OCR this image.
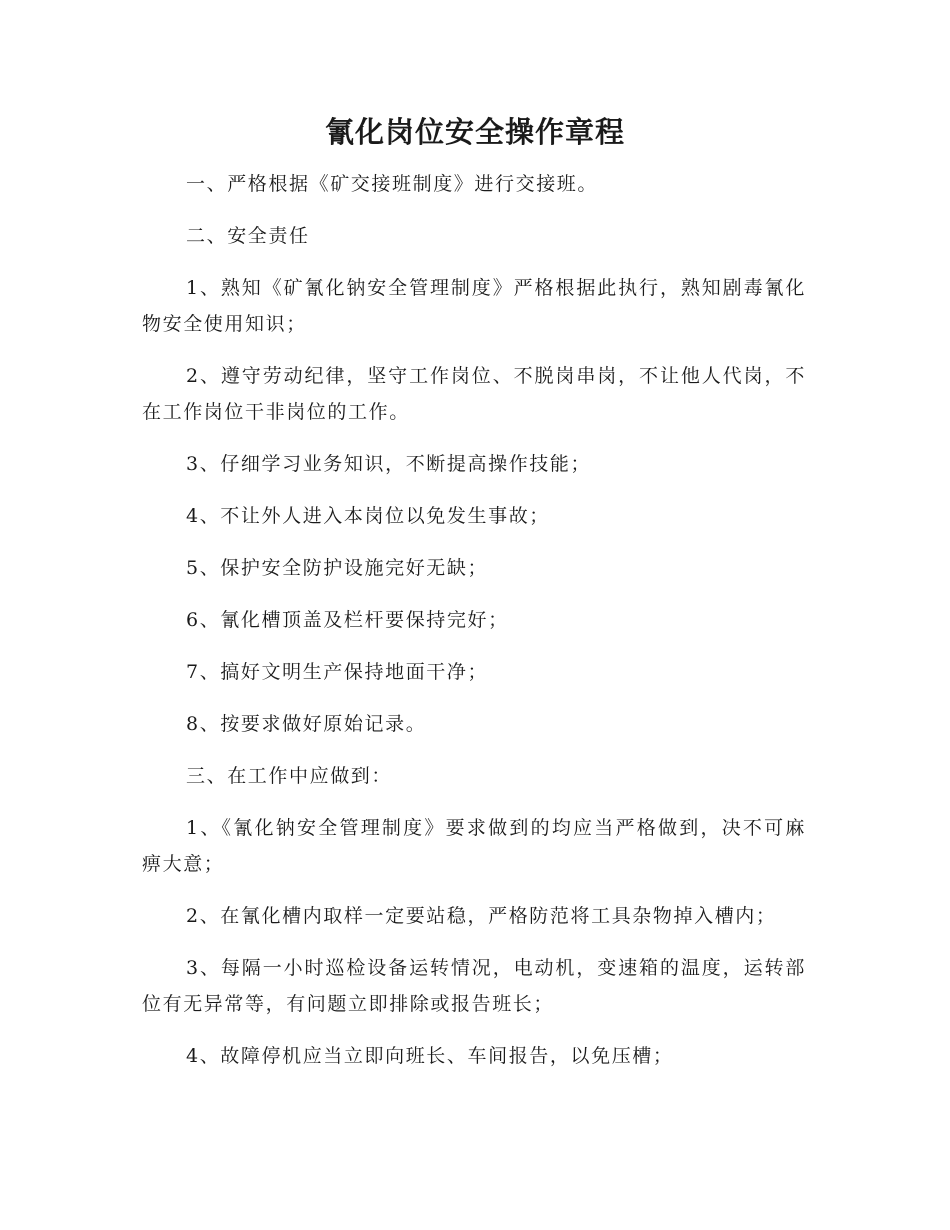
氰化岗位安全操作章程

一、严格根据《矿交接班制度》进行交接班。

二、安全责任

1、熟知《矿氰化钠安全管理制度》严格根据此执行，熟知剧毒氰化物安全使用知识；

2、遵守劳动纪律，坚守工作岗位、不脱岗串岗，不让他人代岗，不在工作岗位干非岗位的工作。

3、仔细学习业务知识，不断提高操作技能；

4、不让外人进入本岗位以免发生事故；

5、保护安全防护设施完好无缺；

6、氰化槽顶盖及栏杆要保持完好；

7、搞好文明生产保持地面干净；

8、按要求做好原始记录。

三、在工作中应做到：

1、《氰化钠安全管理制度》要求做到的均应当严格做到，决不可麻痹大意；

2、在氰化槽内取样一定要站稳，严格防范将工具杂物掉入槽内；

3、每隔一小时巡检设备运转情况，电动机，变速箱的温度，运转部位有无异常等，有问题立即排除或报告班长；

4、故障停机应当立即向班长、车间报告，以免压槽；
